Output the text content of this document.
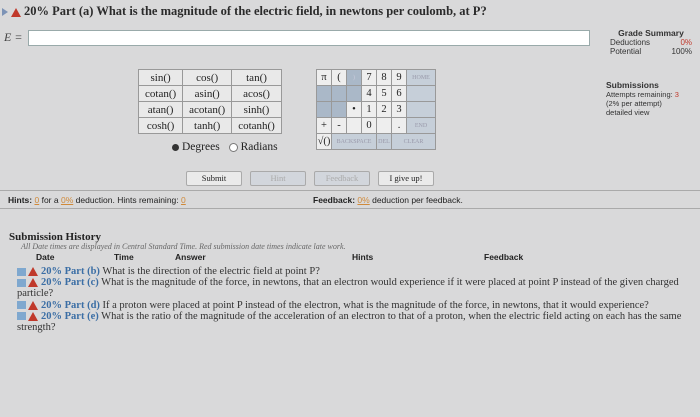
20% Part (a) What is the magnitude of the electric field, in newtons per coulomb, at P?
E =	Grade Summary
Deductions	0%
Potential	100%
Submissions
Attempts remaining: 3
(2% per attempt)
detailed view
sin()	cos()	tan()
cotan()	asin()	acos()
atan()	acotan()	sinh()
cosh()	tanh()	cotanh()
Degrees Radians
π	(	)	7	8	9	HOME
			4	5	6	
		•	1	2	3	
+	-		0		.	END
√()	BACKSPACE			DEL	CLEAR	
Submit	Hint	Feedback	I give up!
Hints: 0 for a 0% deduction. Hints remaining: 0	Feedback: 0% deduction per feedback.
Submission History
All Date times are displayed in Central Standard Time. Red submission date times indicate late work.
Date	Time	Answer	Hints	Feedback
20% Part (b) What is the direction of the electric field at point P?
20% Part (c) What is the magnitude of the force, in newtons, that an electron would experience if it were placed at point P instead of the given charged particle?
20% Part (d) If a proton were placed at point P instead of the electron, what is the magnitude of the force, in newtons, that it would experience?
20% Part (e) What is the ratio of the magnitude of the acceleration of an electron to that of a proton, when the electric field acting on each has the same strength?
